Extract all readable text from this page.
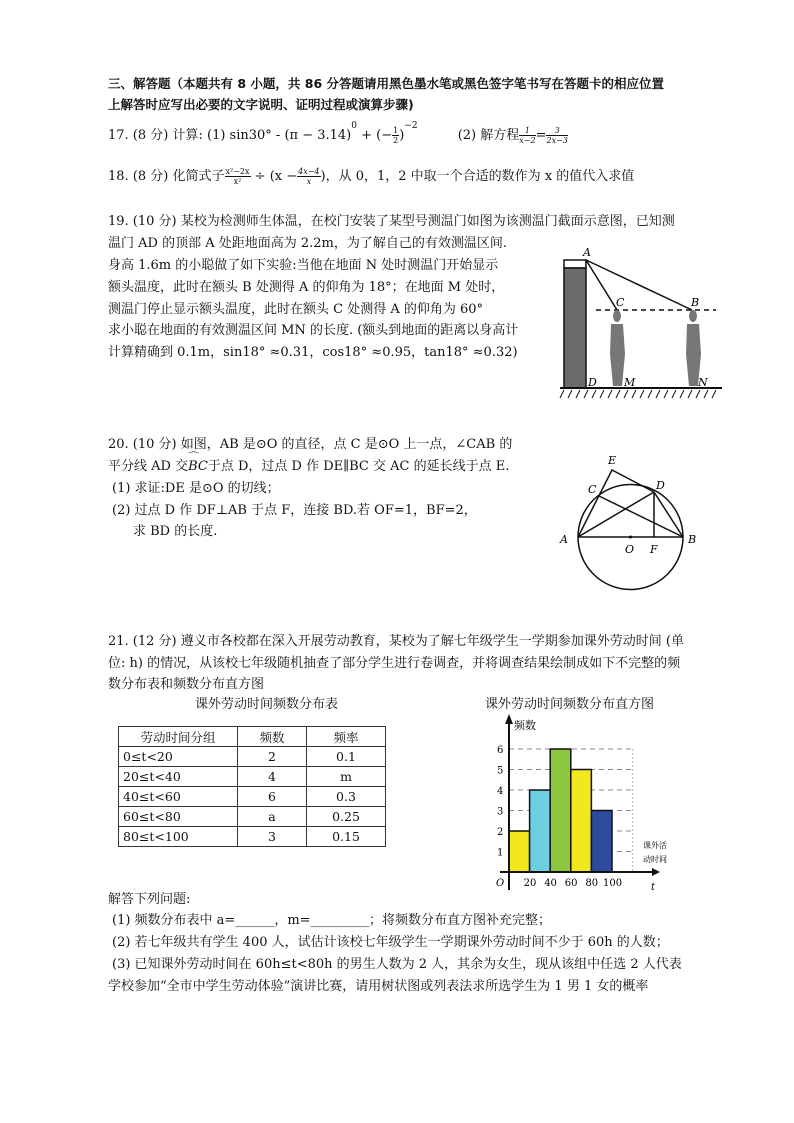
三、解答题（本题共有 8 小题，共 86 分答题请用黑色墨水笔或黑色签字笔书写在答题卡的相应位置
上解答时应写出必要的文字说明、证明过程或演算步骤)
17. (8 分) 计算: (1) $\sin 30^\circ - (\pi - 3.14)^0$ + (− $\frac{1}{2} )^{-2}$ (2) 解方程 $\frac{1}{x-2} = \frac{3}{2x-3}$
18. (8 分) 化简式子 $\frac{\text{x²−2x}}{\text{x²}} \div (x - \frac{4x-4}{x}$ )，从 0，1，2 中取一个合适的数作为 x 的值代入求值
19. (10 分) 某校为检测师生体温，在校门安装了某型号测温门如图为该测温门截面示意图，已知测
温门 AD 的顶部 A 处距地面高为 2.2m，为了解自己的有效测温区间.
身高 1.6m 的小聪做了如下实验:当他在地面 N 处时测温门开始显示
额头温度，此时在额头 B 处测得 A 的仰角为 18°；在地面 M 处时，
测温门停止显示额头温度，此时在额头 C 处测得 A 的仰角为 60°
求小聪在地面的有效测温区间 MN 的长度. (额头到地面的距离以身高计
计算精确到 0.1m，sin18° ≈0.31，cos18° ≈0.95，tan18° ≈0.32)
A
C	B
D M	N
20. (10 分) 如图，AB 是⊙O 的直径，点 C 是⊙O 上一点，∠CAB 的
平分线 AD 交⌒ BC于点 D，过点 D 作 DE∥BC 交 AC 的延长线于点 E.
(1) 求证:DE 是⊙O 的切线；
(2) 过点 D 作 DF⊥AB 于点 F，连接 BD.若 OF=1，BF=2，
求 BD 的长度.
A	B
C	D
E
O F
21. (12 分) 遵义市各校都在深入开展劳动教育，某校为了解七年级学生一学期参加课外劳动时间 (单
位: h) 的情况，从该校七年级随机抽查了部分学生进行卷调查，并将调查结果绘制成如下不完整的频
数分布表和频数分布直方图
课外劳动时间频数分布表	课外劳动时间频数分布直方图
劳动时间分组	频数	频率
0≤t<20	2	0.1
20≤t<40	4	m
40≤t<60	6	0.3
60≤t<80	a	0.25
80≤t<100	3	0.15
频数
O	t
课外活
动时间
1
2
3
4
5
6
20 40 60 80 100
解答下列问题:
(1) 频数分布表中 a=______，m=_________；将频数分布直方图补充完整；
(2) 若七年级共有学生 400 人，试估计该校七年级学生一学期课外劳动时间不少于 60h 的人数；
(3) 已知课外劳动时间在 60h≤t<80h 的男生人数为 2 人，其余为女生，现从该组中任选 2 人代表
学校参加“全市中学生劳动体验”演讲比赛，请用树状图或列表法求所选学生为 1 男 1 女的概率
